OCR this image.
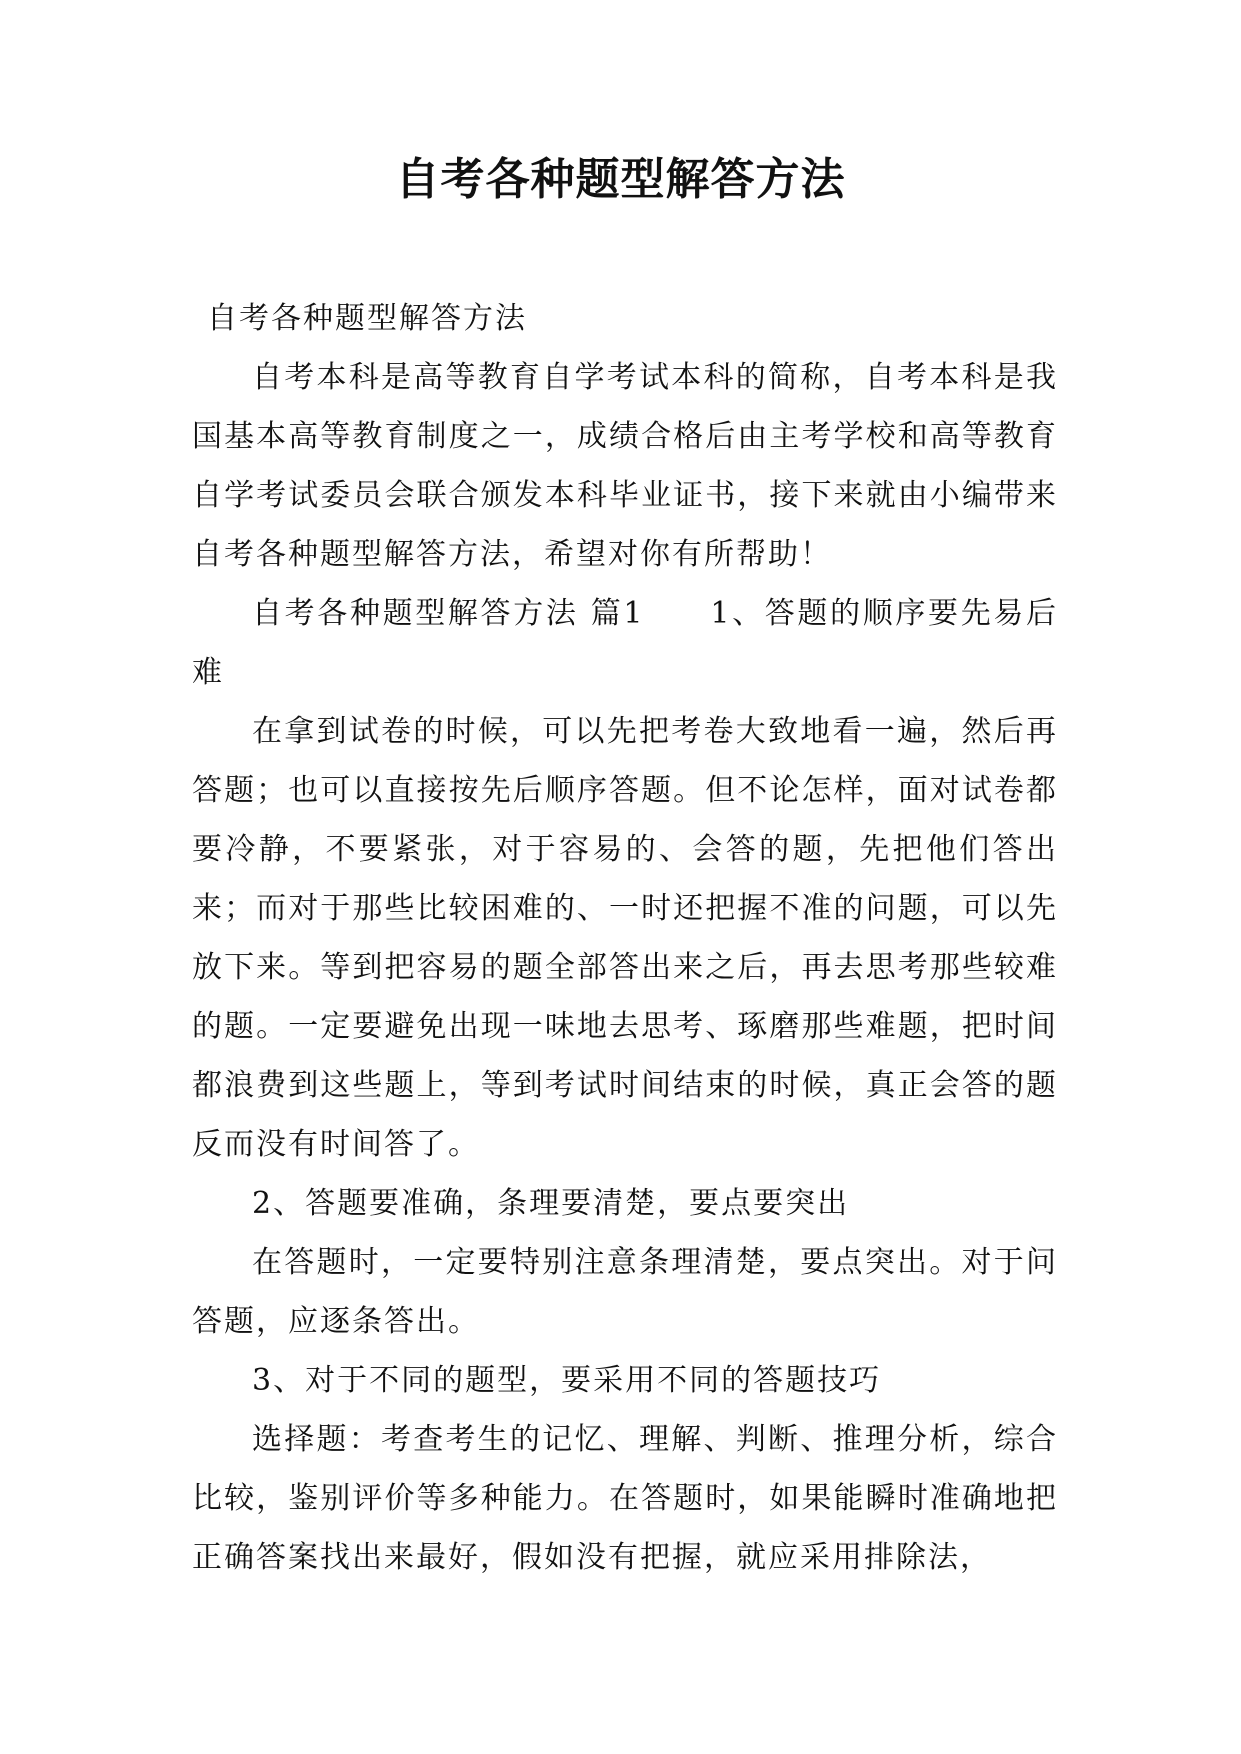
自考各种题型解答方法

自考各种题型解答方法

自考本科是高等教育自学考试本科的简称，自考本科是我国基本高等教育制度之一，成绩合格后由主考学校和高等教育自学考试委员会联合颁发本科毕业证书，接下来就由小编带来自考各种题型解答方法，希望对你有所帮助！

自考各种题型解答方法 篇1　　1、答题的顺序要先易后难

在拿到试卷的时候，可以先把考卷大致地看一遍，然后再答题；也可以直接按先后顺序答题。但不论怎样，面对试卷都要冷静，不要紧张，对于容易的、会答的题，先把他们答出来；而对于那些比较困难的、一时还把握不准的问题，可以先放下来。等到把容易的题全部答出来之后，再去思考那些较难的题。一定要避免出现一味地去思考、琢磨那些难题，把时间都浪费到这些题上，等到考试时间结束的时候，真正会答的题反而没有时间答了。

2、答题要准确，条理要清楚，要点要突出

在答题时，一定要特别注意条理清楚，要点突出。对于问答题，应逐条答出。

3、对于不同的题型，要采用不同的答题技巧

选择题：考查考生的记忆、理解、判断、推理分析，综合比较，鉴别评价等多种能力。在答题时，如果能瞬时准确地把正确答案找出来最好，假如没有把握，就应采用排除法，
